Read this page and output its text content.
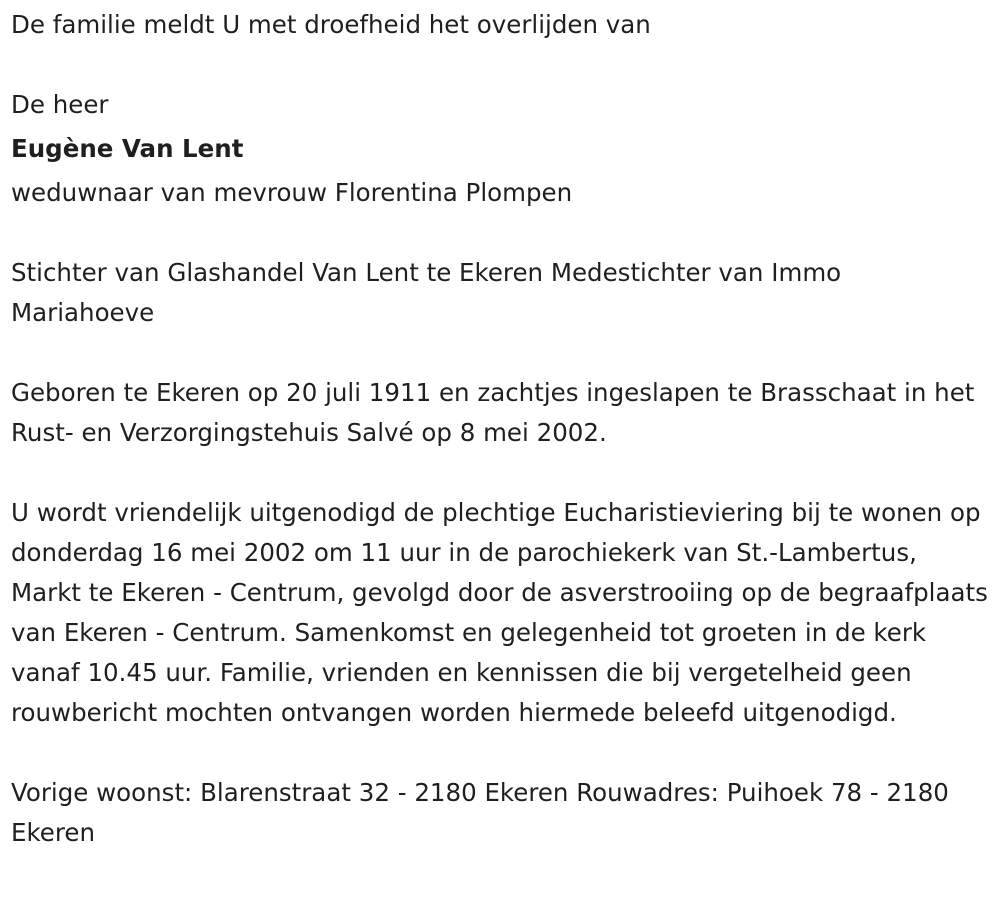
De familie meldt U met droefheid het overlijden van

De heer

Eugène Van Lent

weduwnaar van mevrouw Florentina Plompen

Stichter van Glashandel Van Lent te Ekeren Medestichter van Immo Mariahoeve

Geboren te Ekeren op 20 juli 1911 en zachtjes ingeslapen te Brasschaat in het Rust- en Verzorgingstehuis Salvé op 8 mei 2002.

U wordt vriendelijk uitgenodigd de plechtige Eucharistieviering bij te wonen op donderdag 16 mei 2002 om 11 uur in de parochiekerk van St.-Lambertus, Markt te Ekeren - Centrum, gevolgd door de asverstrooiing op de begraafplaats van Ekeren - Centrum. Samenkomst en gelegenheid tot groeten in de kerk vanaf 10.45 uur. Familie, vrienden en kennissen die bij vergetelheid geen rouwbericht mochten ontvangen worden hiermede beleefd uitgenodigd.

Vorige woonst: Blarenstraat 32 - 2180 Ekeren Rouwadres: Puihoek 78 - 2180 Ekeren
